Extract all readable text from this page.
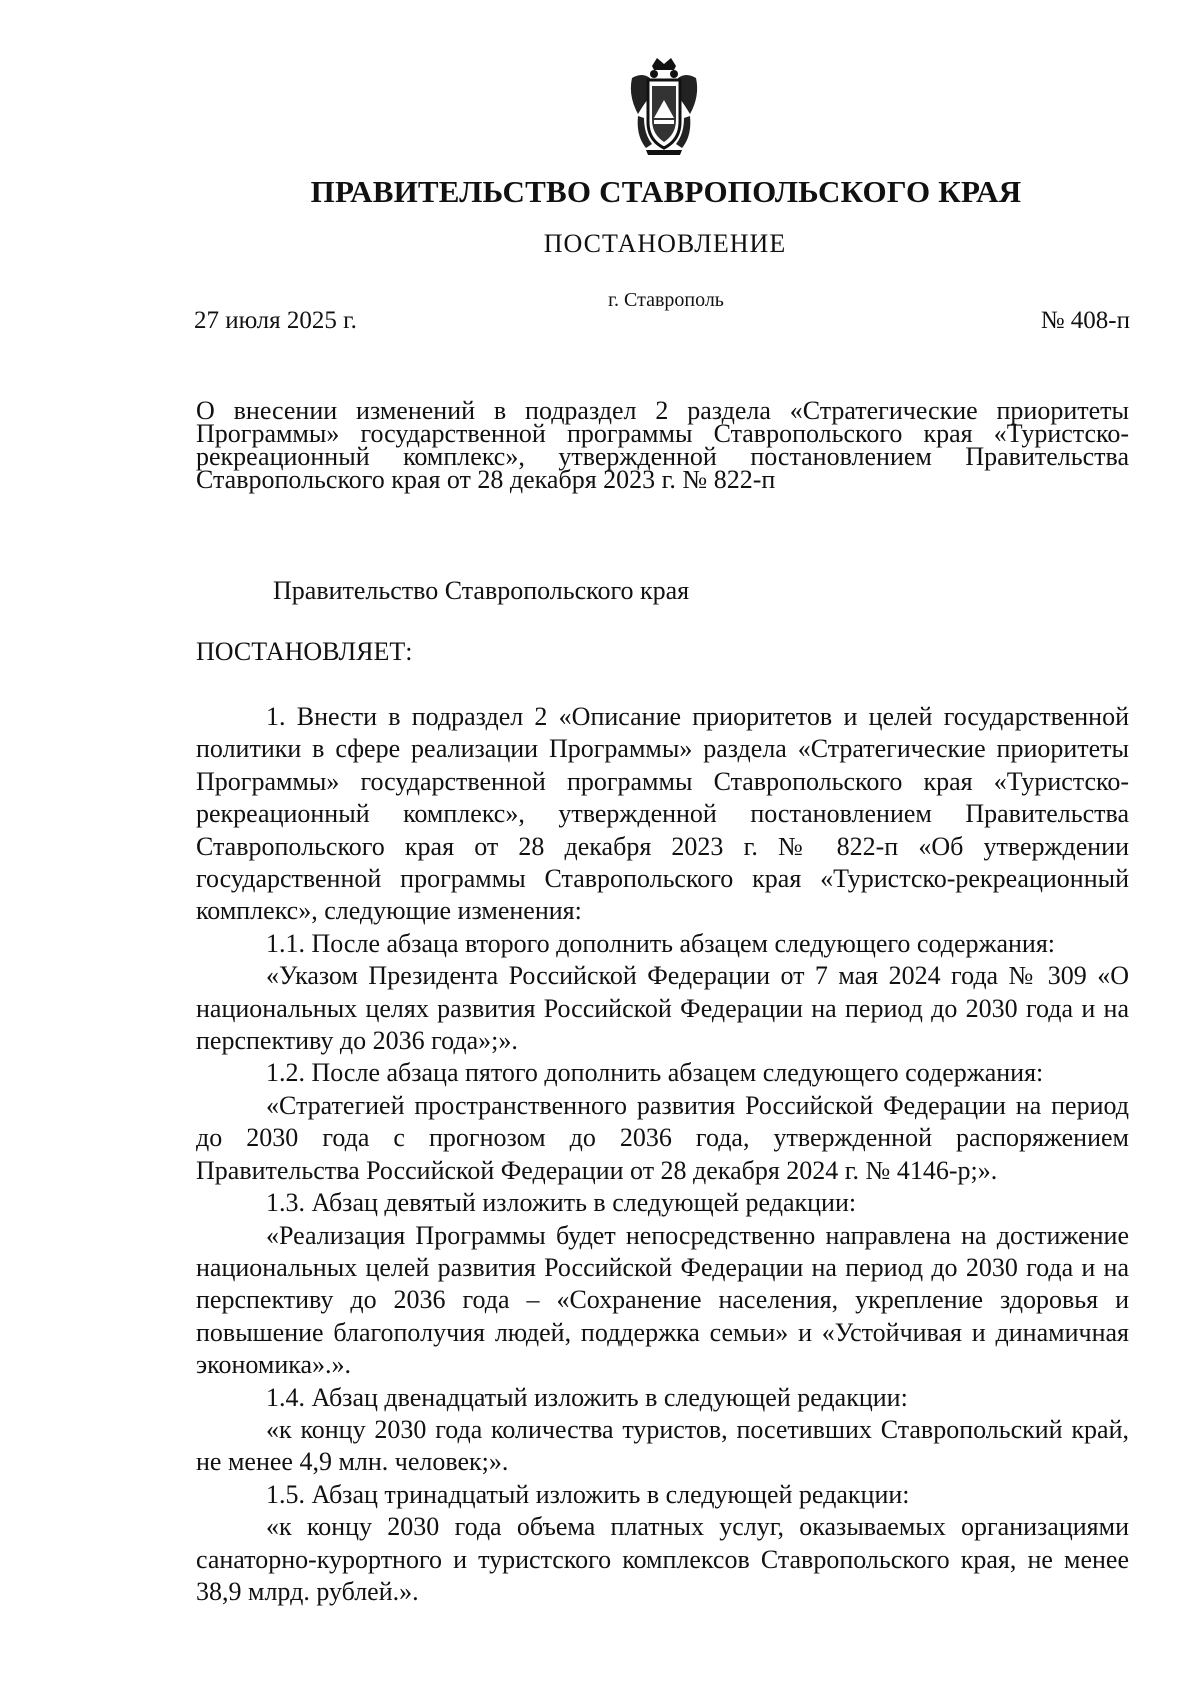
ПРАВИТЕЛЬСТВО СТАВРОПОЛЬСКОГО КРАЯ
ПОСТАНОВЛЕНИЕ
г. Ставрополь
27 июля 2025 г.	№ 408-п
О внесении изменений в подраздел 2 раздела «Стратегические приоритеты Программы» государственной программы Ставропольского края «Туристско-рекреационный комплекс», утвержденной постановлением Правительства Ставропольского края от 28 декабря 2023 г. № 822-п
Правительство Ставропольского края
ПОСТАНОВЛЯЕТ:

1. Внести в подраздел 2 «Описание приоритетов и целей государственной политики в сфере реализации Программы» раздела «Стратегические приоритеты Программы» государственной программы Ставропольского края «Туристско-рекреационный комплекс», утвержденной постановлением Правительства Ставропольского края от 28 декабря 2023 г. № 822-п «Об утверждении государственной программы Ставропольского края «Туристско-рекреационный комплекс», следующие изменения:

1.1. После абзаца второго дополнить абзацем следующего содержания:

«Указом Президента Российской Федерации от 7 мая 2024 года № 309 «О национальных целях развития Российской Федерации на период до 2030 года и на перспективу до 2036 года»;».

1.2. После абзаца пятого дополнить абзацем следующего содержания:

«Стратегией пространственного развития Российской Федерации на период до 2030 года с прогнозом до 2036 года, утвержденной распоряжением Правительства Российской Федерации от 28 декабря 2024 г. № 4146-р;».

1.3. Абзац девятый изложить в следующей редакции:

«Реализация Программы будет непосредственно направлена на достижение национальных целей развития Российской Федерации на период до 2030 года и на перспективу до 2036 года – «Сохранение населения, укрепление здоровья и повышение благополучия людей, поддержка семьи» и «Устойчивая и динамичная экономика».».

1.4. Абзац двенадцатый изложить в следующей редакции:

«к концу 2030 года количества туристов, посетивших Ставропольский край, не менее 4,9 млн. человек;».

1.5. Абзац тринадцатый изложить в следующей редакции:

«к концу 2030 года объема платных услуг, оказываемых организациями санаторно-курортного и туристского комплексов Ставропольского края, не менее 38,9 млрд. рублей.».
